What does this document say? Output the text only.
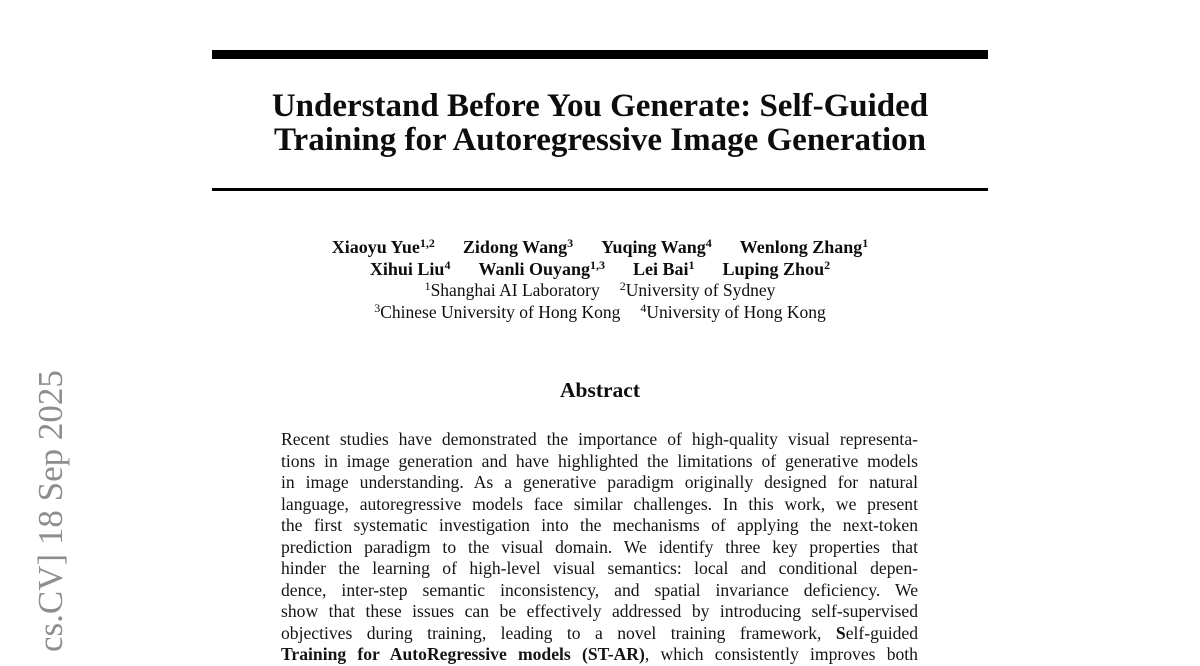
cs.CV] 18 Sep 2025
Understand Before You Generate: Self-Guided
Training for Autoregressive Image Generation
Xiaoyu Yue$^{1,2}$ Zidong Wang$^3$ Yuqing Wang$^4$ Wenlong Zhang$^1$
Xihui Liu$^4$ Wanli Ouyang$^{1,3}$ Lei Bai$^1$ Luping Zhou$^2$
$^1$Shanghai AI Laboratory $^2$University of Sydney
$^3$Chinese University of Hong Kong $^4$University of Hong Kong
Abstract
Recent studies have demonstrated the importance of high-quality visual representa-
tions in image generation and have highlighted the limitations of generative models
in image understanding. As a generative paradigm originally designed for natural
language, autoregressive models face similar challenges. In this work, we present
the first systematic investigation into the mechanisms of applying the next-token
prediction paradigm to the visual domain. We identify three key properties that
hinder the learning of high-level visual semantics: local and conditional depen-
dence, inter-step semantic inconsistency, and spatial invariance deficiency. We
show that these issues can be effectively addressed by introducing self-supervised
objectives during training, leading to a novel training framework, Self-guided
Training for AutoRegressive models (ST-AR), which consistently improves both
